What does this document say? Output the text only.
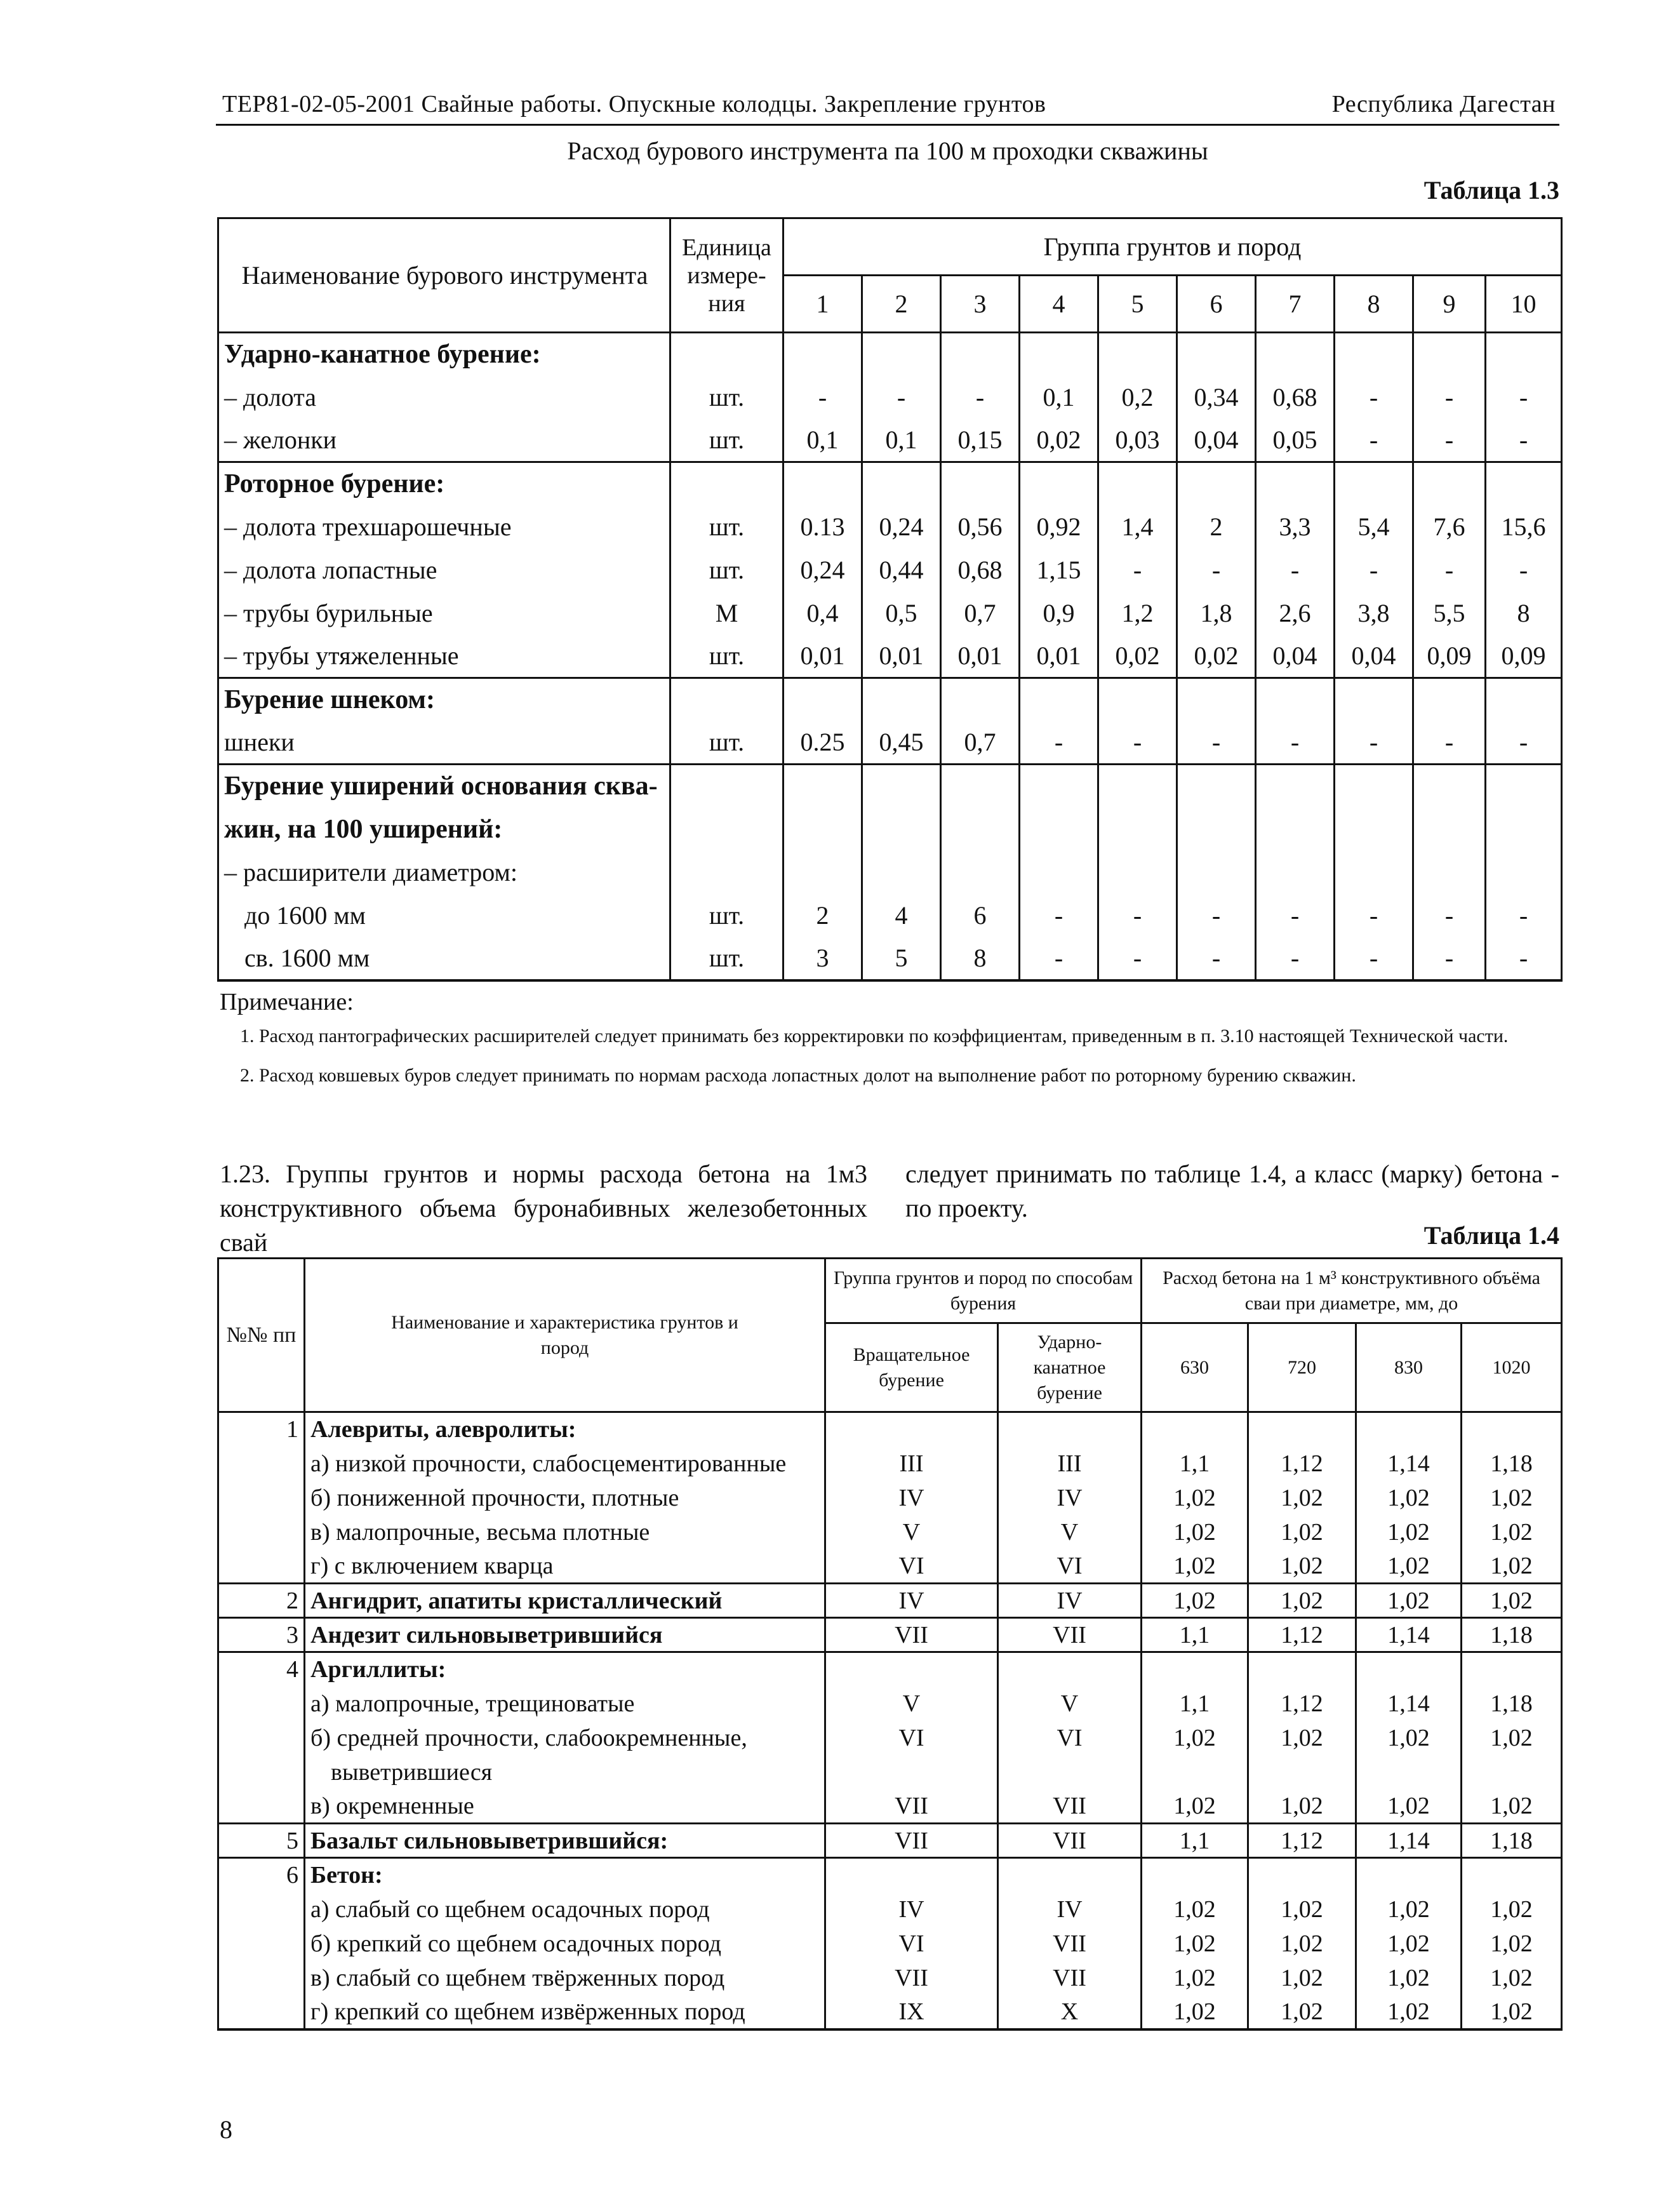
ТЕР81-02-05-2001 Свайные работы. Опускные колодцы. Закрепление грунтов	Республика Дагестан
Расход бурового инструмента па 100 м проходки скважины
Таблица 1.3
Наименование бурового инструмента	Единица измере-ния	Группа грунтов и пород									
		1	2	3	4	5	6	7	8	9	10
Ударно-канатное бурение:											
– долота	шт.	-	-	-	0,1	0,2	0,34	0,68	-	-	-
– желонки	шт.	0,1	0,1	0,15	0,02	0,03	0,04	0,05	-	-	-
Роторное бурение:											
– долота трехшарошечные	шт.	0.13	0,24	0,56	0,92	1,4	2	3,3	5,4	7,6	15,6
– долота лопастные	шт.	0,24	0,44	0,68	1,15	-	-	-	-	-	-
– трубы бурильные	М	0,4	0,5	0,7	0,9	1,2	1,8	2,6	3,8	5,5	8
– трубы утяжеленные	шт.	0,01	0,01	0,01	0,01	0,02	0,02	0,04	0,04	0,09	0,09
Бурение шнеком:											
шнеки	шт.	0.25	0,45	0,7	-	-	-	-	-	-	-
Бурение уширений основания сква-											
жин, на 100 уширений:											
– расширители диаметром:											
до 1600 мм	шт.	2	4	6	-	-	-	-	-	-	-
св. 1600 мм	шт.	3	5	8	-	-	-	-	-	-	-
Примечание:
1. Расход пантографических расширителей следует принимать без корректировки по коэффициентам, приведенным в п. 3.10 настоящей Технической части.
2. Расход ковшевых буров следует принимать по нормам расхода лопастных долот на выполнение работ по роторному бурению скважин.
1.23. Группы грунтов и нормы расхода бетона на 1м3 конструктивного объема буронабивных железобетонных свай
следует принимать по таблице 1.4, а класс (марку) бетона - по проекту.
Таблица 1.4
№№ пп	Наименование и характеристика грунтов и пород	Группа грунтов и пород по способам бурения		Расход бетона на 1 м³ конструктивного объёма сваи при диаметре, мм, до			
		Вращательное бурение	Ударно-канатное бурение	630	720	830	1020
1	Алевриты, алевролиты:						
	а) низкой прочности, слабосцементированные	III	III	1,1	1,12	1,14	1,18
	б) пониженной прочности, плотные	IV	IV	1,02	1,02	1,02	1,02
	в) малопрочные, весьма плотные	V	V	1,02	1,02	1,02	1,02
	г) с включением кварца	VI	VI	1,02	1,02	1,02	1,02
2	Ангидрит, апатиты кристаллический	IV	IV	1,02	1,02	1,02	1,02
3	Андезит сильновыветрившийся	VII	VII	1,1	1,12	1,14	1,18
4	Аргиллиты:						
	а) малопрочные, трещиноватые	V	V	1,1	1,12	1,14	1,18
	б) средней прочности, слабоокремненные,	VI	VI	1,02	1,02	1,02	1,02
	выветрившиеся						
	в) окремненные	VII	VII	1,02	1,02	1,02	1,02
5	Базальт сильновыветрившийся:	VII	VII	1,1	1,12	1,14	1,18
6	Бетон:						
	а) слабый со щебнем осадочных пород	IV	IV	1,02	1,02	1,02	1,02
	б) крепкий со щебнем осадочных пород	VI	VII	1,02	1,02	1,02	1,02
	в) слабый со щебнем твёрженных пород	VII	VII	1,02	1,02	1,02	1,02
	г) крепкий со щебнем извёрженных пород	IX	X	1,02	1,02	1,02	1,02
8
